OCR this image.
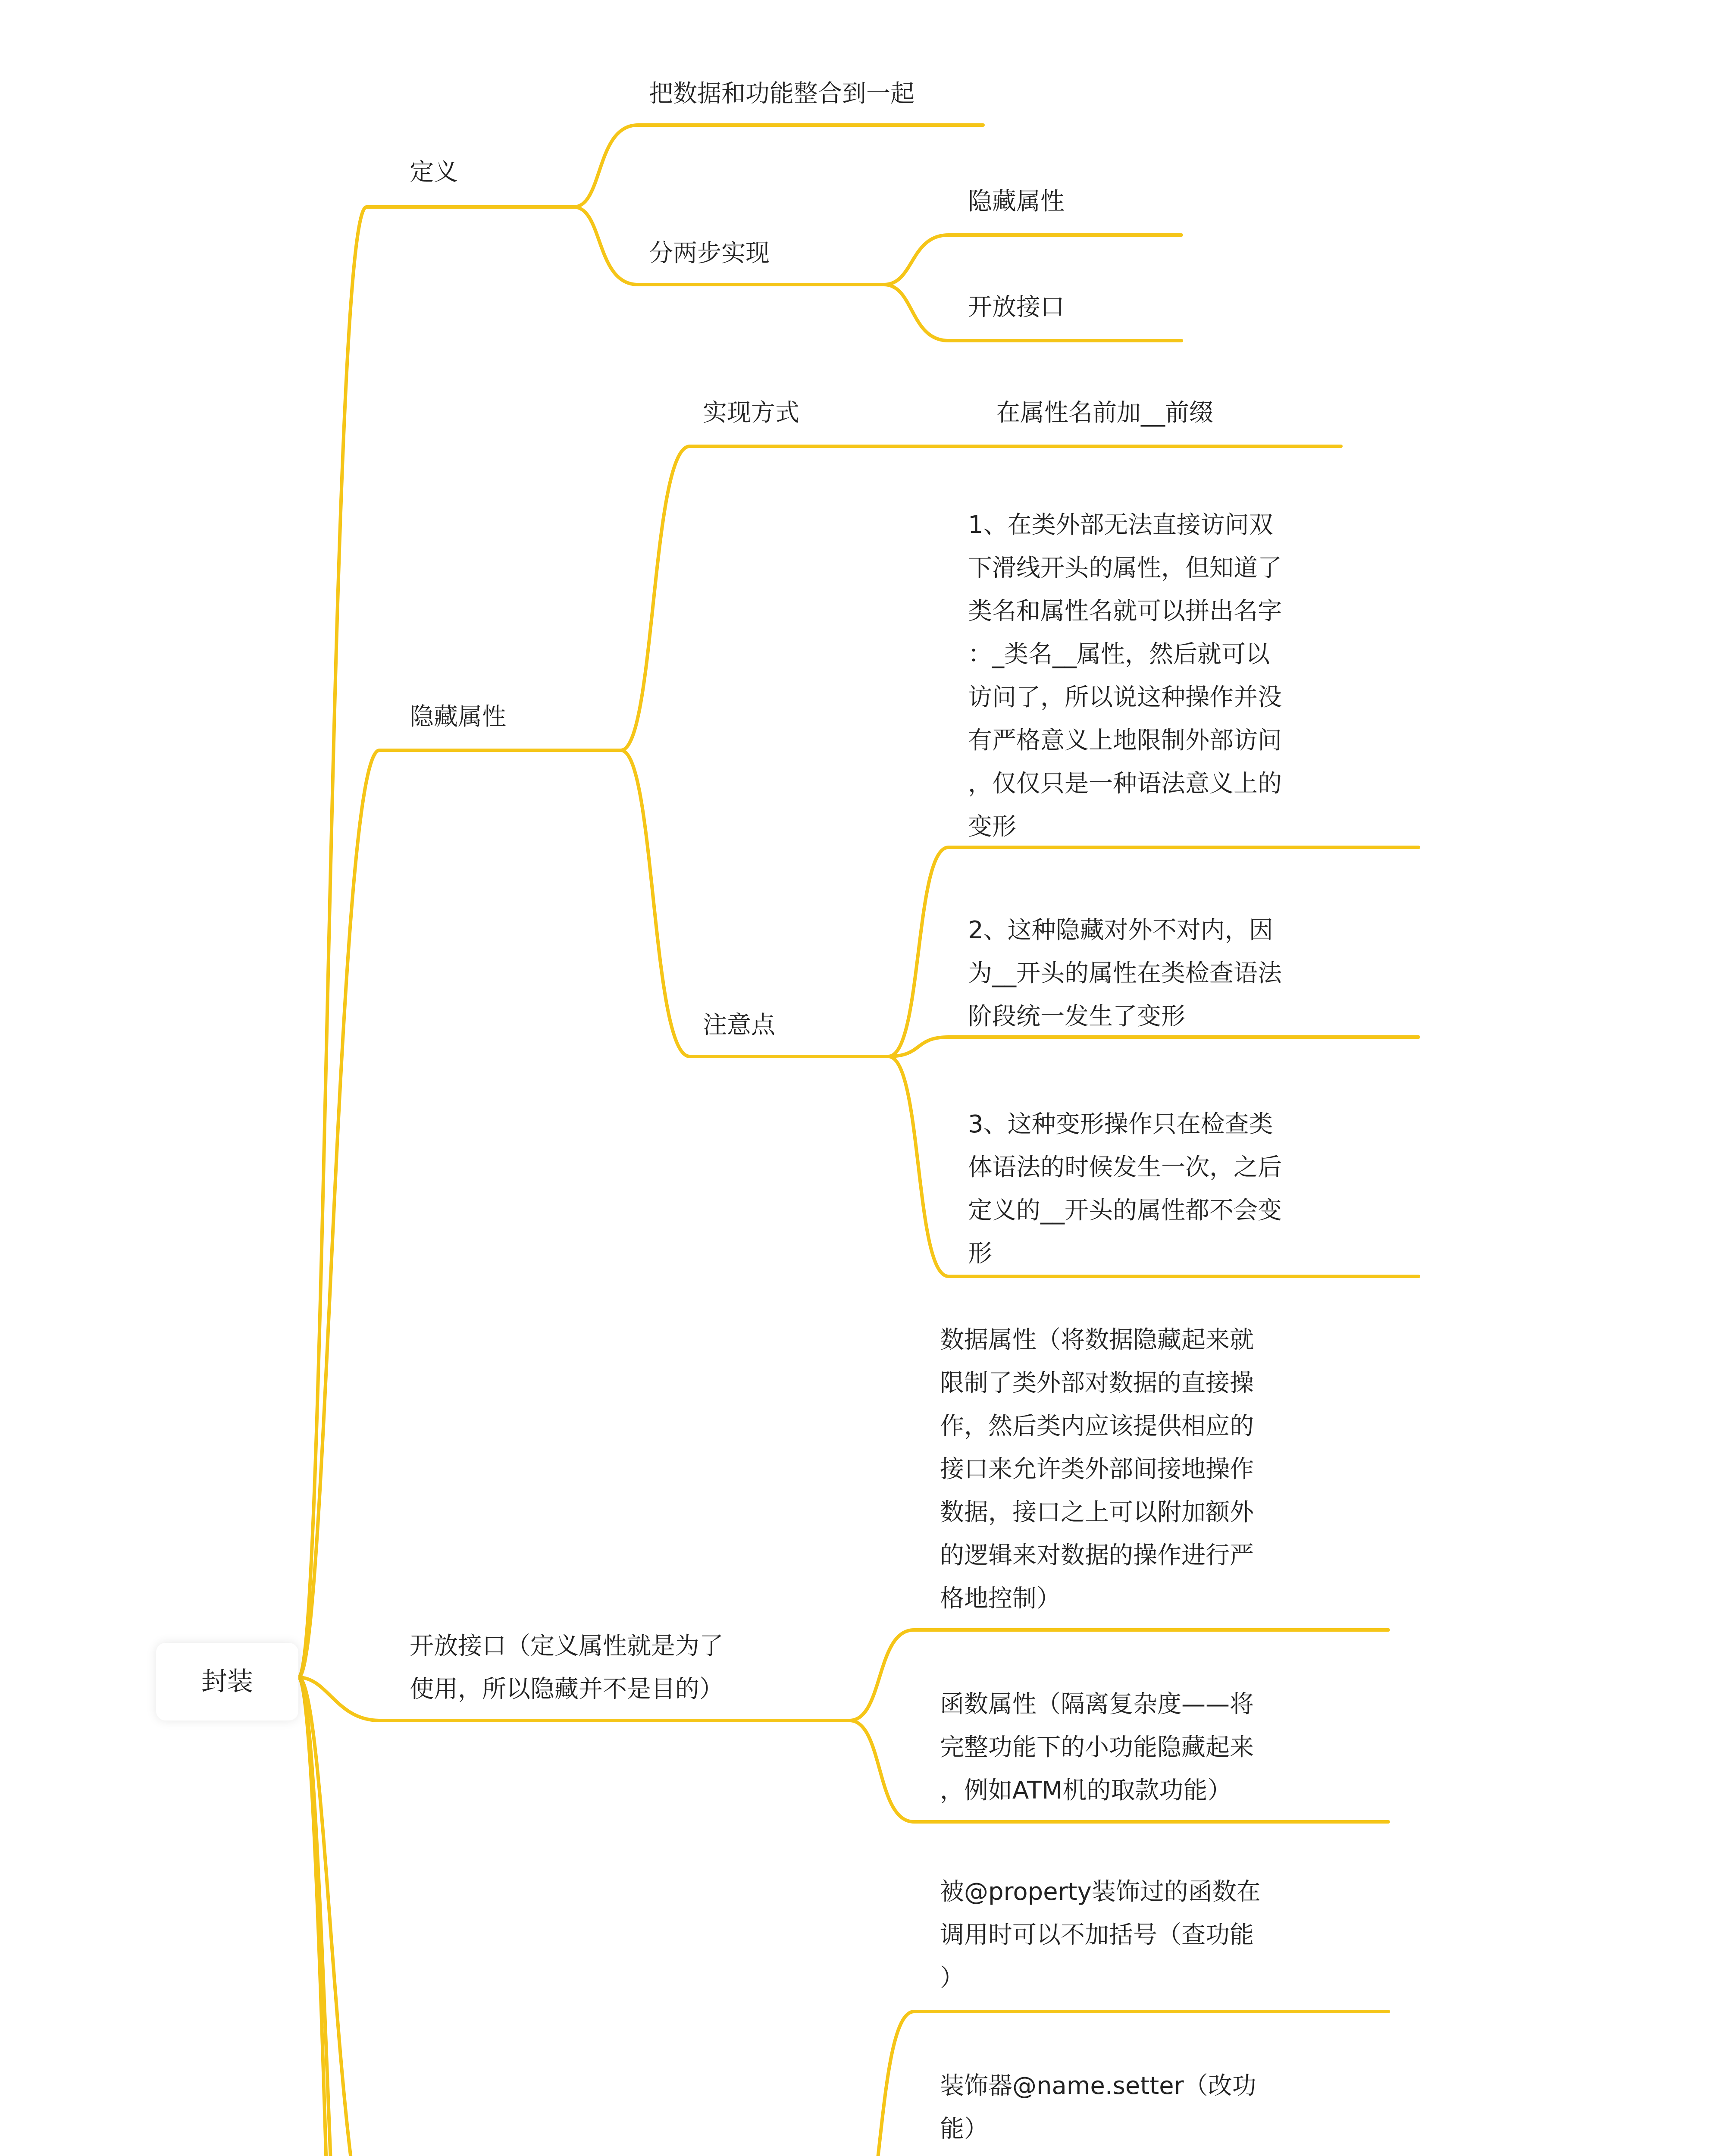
封装

定义

把数据和功能整合到一起

分两步实现

隐藏属性

开放接口

隐藏属性

实现方式	在属性名前加__前缀

注意点

1、在类外部无法直接访问双

下滑线开头的属性，但知道了

类名和属性名就可以拼出名字

：_类名__属性，然后就可以

访问了，所以说这种操作并没

有严格意义上地限制外部访问

，仅仅只是一种语法意义上的

变形

2、这种隐藏对外不对内，因

为__开头的属性在类检查语法

阶段统一发生了变形

3、这种变形操作只在检查类

体语法的时候发生一次，之后

定义的__开头的属性都不会变

形

开放接口（定义属性就是为了

使用，所以隐藏并不是目的）

数据属性（将数据隐藏起来就

限制了类外部对数据的直接操

作，然后类内应该提供相应的

接口来允许类外部间接地操作

数据，接口之上可以附加额外

的逻辑来对数据的操作进行严

格地控制）

函数属性（隔离复杂度——将

完整功能下的小功能隐藏起来

，例如ATM机的取款功能）

被@property装饰过的函数在

调用时可以不加括号（查功能

）

装饰器@name.setter（改功

能）
